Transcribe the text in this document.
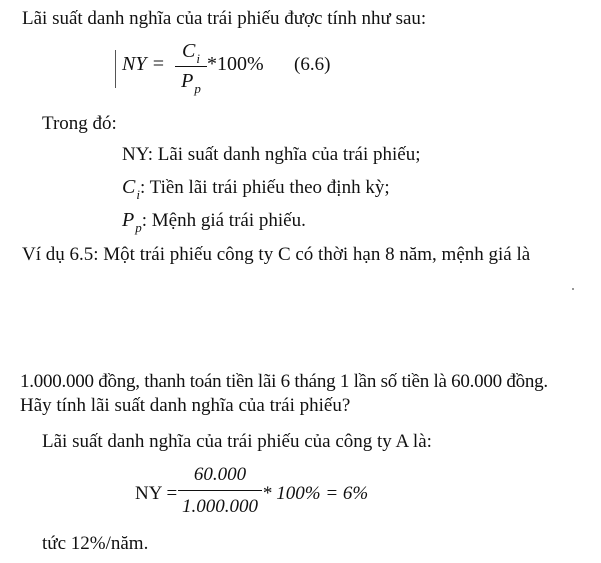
Lãi suất danh nghĩa của trái phiếu được tính như sau:
NY =
$C_i$
$P_p$
*100% (6.6)
Trong đó:
NY: Lãi suất danh nghĩa của trái phiếu;
$C_i$: Tiền lãi trái phiếu theo định kỳ;
$P_p$: Mệnh giá trái phiếu.
Ví dụ 6.5: Một trái phiếu công ty C có thời hạn 8 năm, mệnh giá là
1.000.000 đồng, thanh toán tiền lãi 6 tháng 1 lần số tiền là 60.000 đồng.
Hãy tính lãi suất danh nghĩa của trái phiếu?
Lãi suất danh nghĩa của trái phiếu của công ty A là:
NY =
60.000
1.000.000
* 100% = 6%
tức 12%/năm.
